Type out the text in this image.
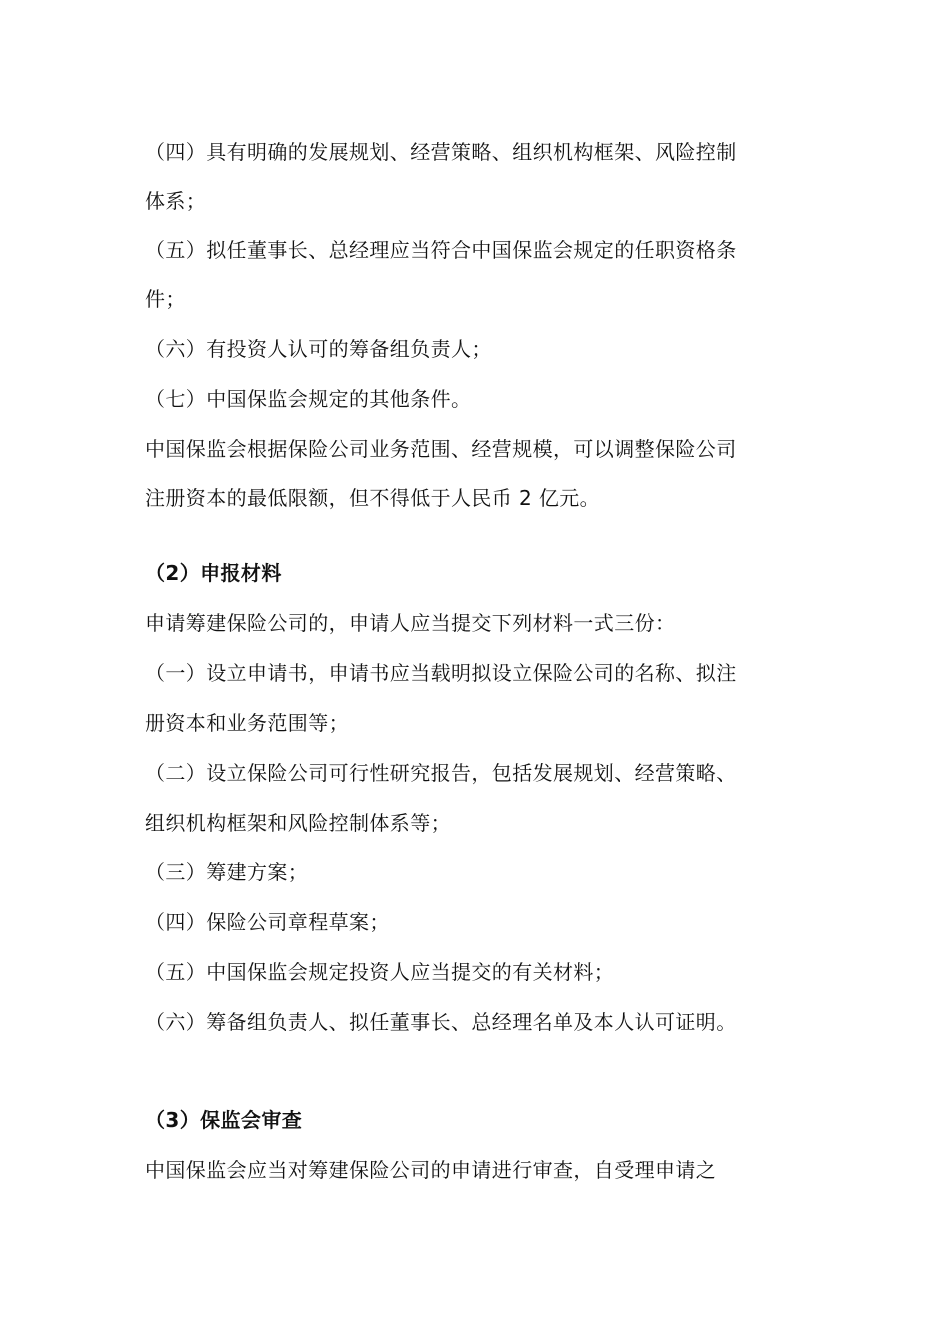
（四）具有明确的发展规划、经营策略、组织机构框架、风险控制
体系；
（五）拟任董事长、总经理应当符合中国保监会规定的任职资格条
件；
（六）有投资人认可的筹备组负责人；
（七）中国保监会规定的其他条件。
中国保监会根据保险公司业务范围、经营规模，可以调整保险公司
注册资本的最低限额，但不得低于人民币 2 亿元。
（2）申报材料
申请筹建保险公司的，申请人应当提交下列材料一式三份：
（一）设立申请书，申请书应当载明拟设立保险公司的名称、拟注
册资本和业务范围等；
（二）设立保险公司可行性研究报告，包括发展规划、经营策略、
组织机构框架和风险控制体系等；
（三）筹建方案；
（四）保险公司章程草案；
（五）中国保监会规定投资人应当提交的有关材料；
（六）筹备组负责人、拟任董事长、总经理名单及本人认可证明。
（3）保监会审查
中国保监会应当对筹建保险公司的申请进行审查，自受理申请之
